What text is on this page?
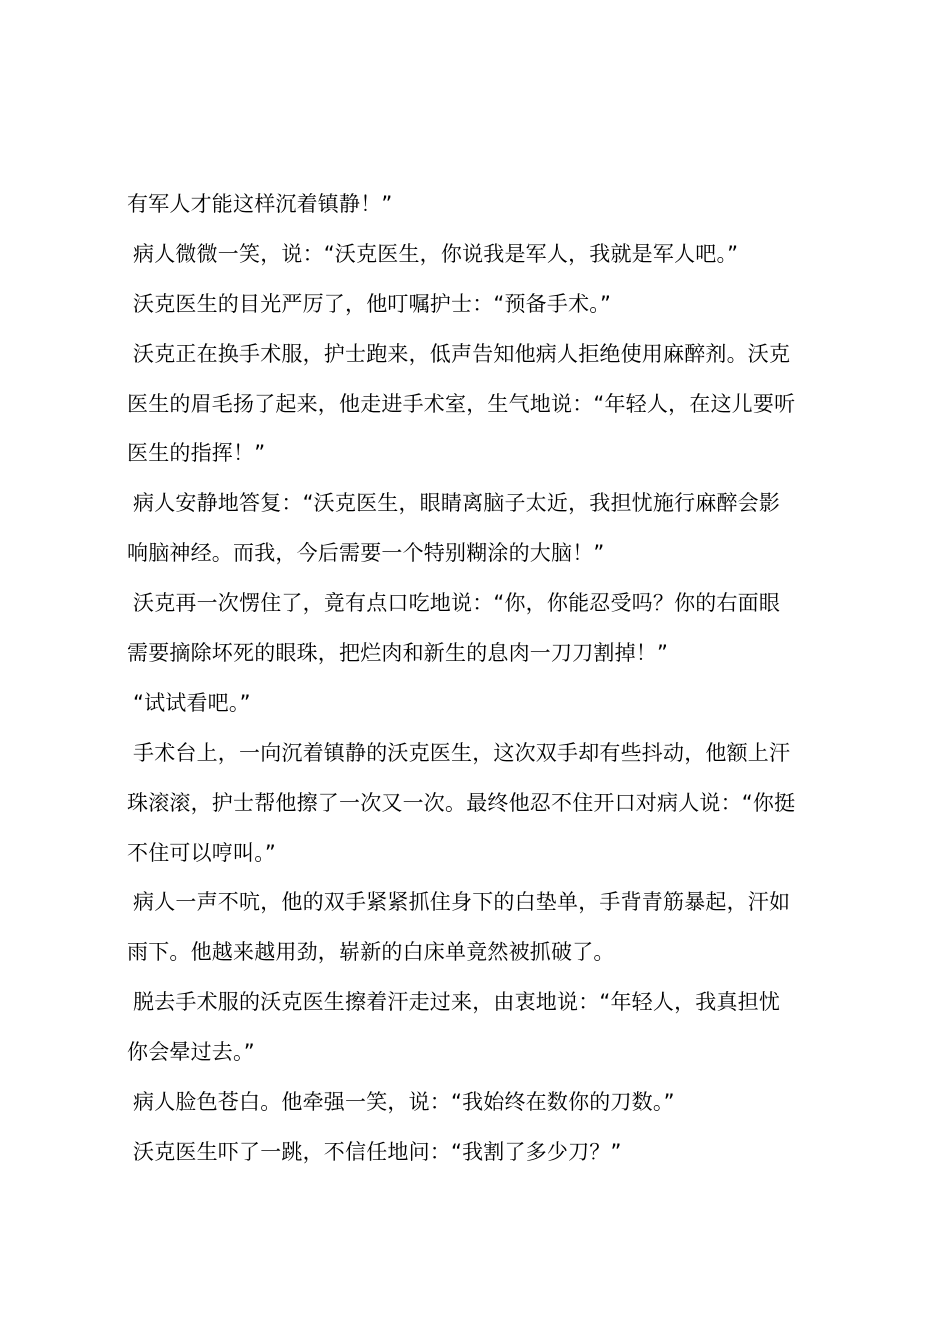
有军人才能这样沉着镇静！”
病人微微一笑，说：“沃克医生，你说我是军人，我就是军人吧。”
沃克医生的目光严厉了，他叮嘱护士：“预备手术。”
沃克正在换手术服，护士跑来，低声告知他病人拒绝使用麻醉剂。沃克
医生的眉毛扬了起来，他走进手术室，生气地说：“年轻人，在这儿要听
医生的指挥！”
病人安静地答复：“沃克医生，眼睛离脑子太近，我担忧施行麻醉会影
响脑神经。而我，今后需要一个特别糊涂的大脑！”
沃克再一次愣住了，竟有点口吃地说：“你，你能忍受吗？你的右面眼
需要摘除坏死的眼珠，把烂肉和新生的息肉一刀刀割掉！”
“试试看吧。”
手术台上，一向沉着镇静的沃克医生，这次双手却有些抖动，他额上汗
珠滚滚，护士帮他擦了一次又一次。最终他忍不住开口对病人说：“你挺
不住可以哼叫。”
病人一声不吭，他的双手紧紧抓住身下的白垫单，手背青筋暴起，汗如
雨下。他越来越用劲，崭新的白床单竟然被抓破了。
脱去手术服的沃克医生擦着汗走过来，由衷地说：“年轻人，我真担忧
你会晕过去。”
病人脸色苍白。他牵强一笑，说：“我始终在数你的刀数。”
沃克医生吓了一跳，不信任地问：“我割了多少刀？”
